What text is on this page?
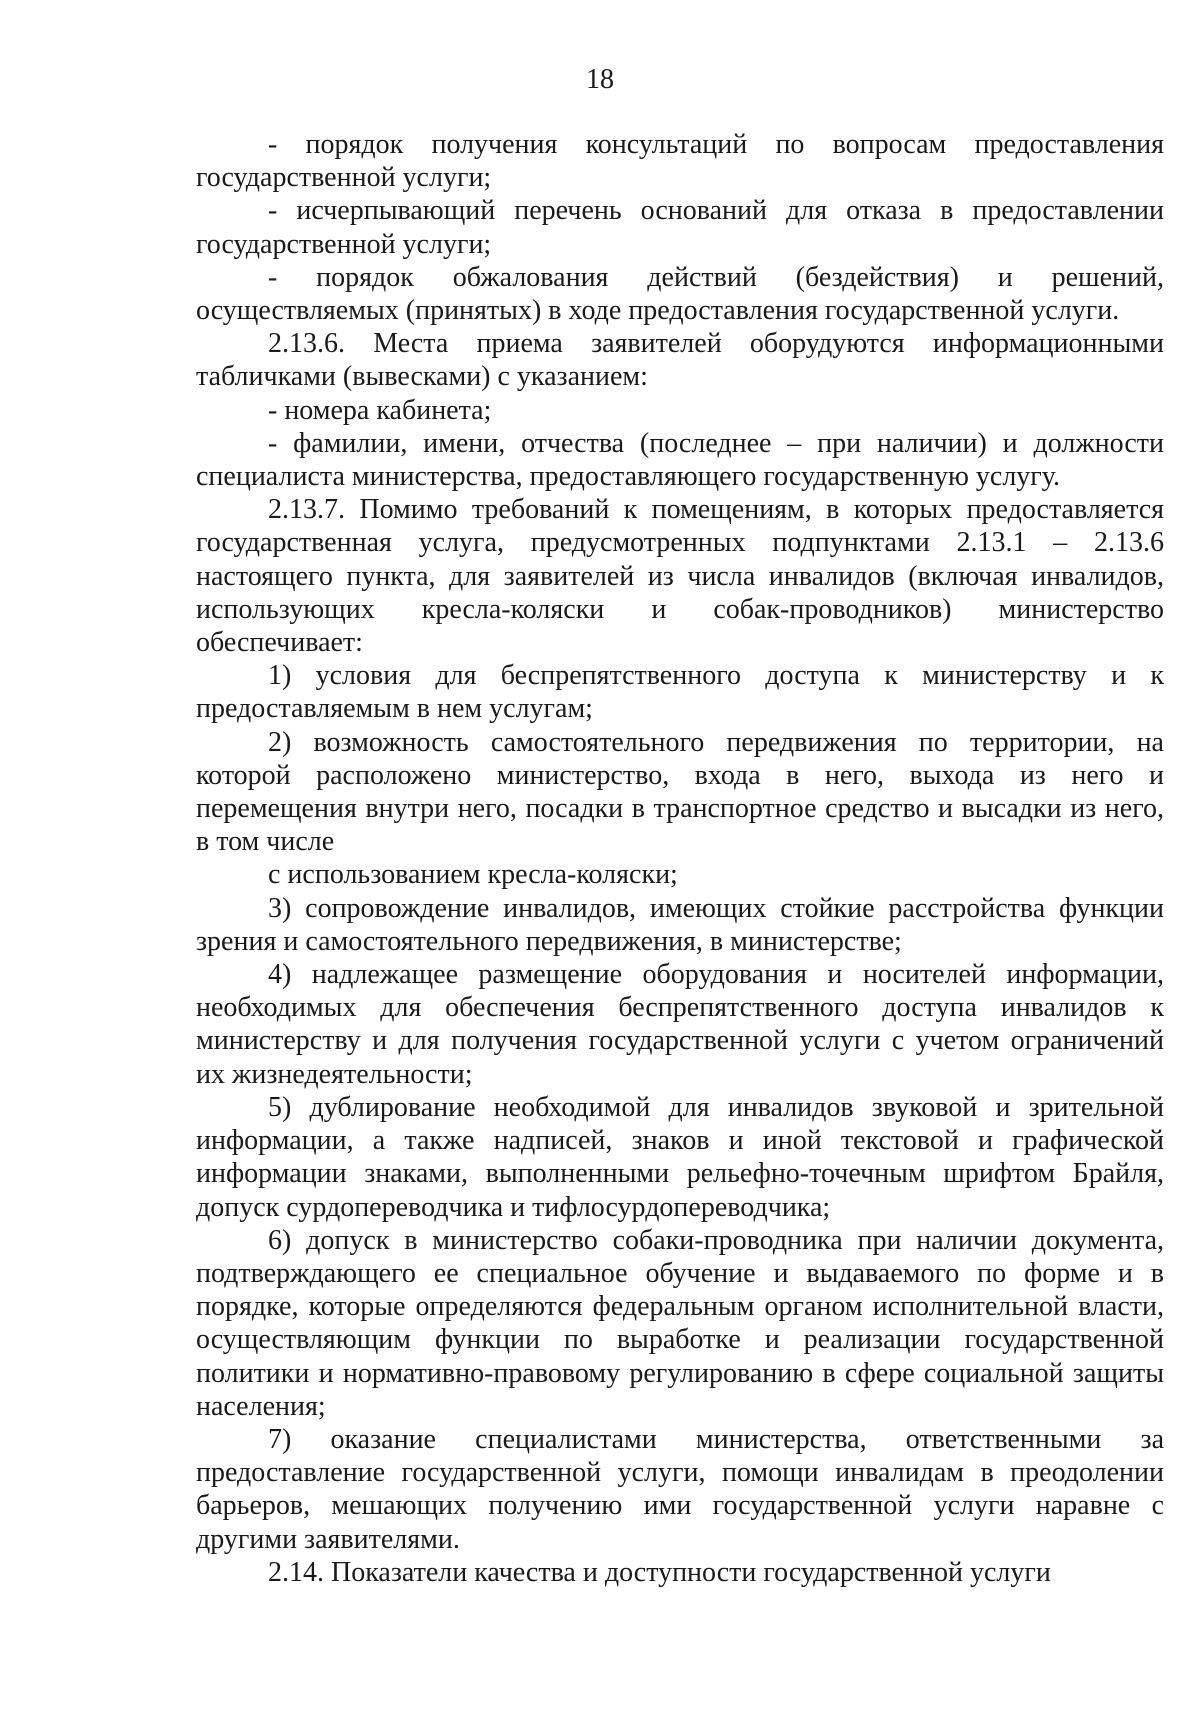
18

- порядок получения консультаций по вопросам предоставления государственной услуги;

- исчерпывающий перечень оснований для отказа в предоставлении государственной услуги;

- порядок обжалования действий (бездействия) и решений, осуществляемых (принятых) в ходе предоставления государственной услуги.

2.13.6. Места приема заявителей оборудуются информационными табличками (вывесками) с указанием:

- номера кабинета;

- фамилии, имени, отчества (последнее – при наличии) и должности специалиста министерства, предоставляющего государственную услугу.

2.13.7. Помимо требований к помещениям, в которых предоставляется государственная услуга, предусмотренных подпунктами 2.13.1 – 2.13.6 настоящего пункта, для заявителей из числа инвалидов (включая инвалидов, использующих кресла-коляски и собак-проводников) министерство обеспечивает:

1) условия для беспрепятственного доступа к министерству и к предоставляемым в нем услугам;

2) возможность самостоятельного передвижения по территории, на которой расположено министерство, входа в него, выхода из него и перемещения внутри него, посадки в транспортное средство и высадки из него, в том числе

с использованием кресла-коляски;

3) сопровождение инвалидов, имеющих стойкие расстройства функции зрения и самостоятельного передвижения, в министерстве;

4) надлежащее размещение оборудования и носителей информации, необходимых для обеспечения беспрепятственного доступа инвалидов к министерству и для получения государственной услуги с учетом ограничений их жизнедеятельности;

5) дублирование необходимой для инвалидов звуковой и зрительной информации, а также надписей, знаков и иной текстовой и графической информации знаками, выполненными рельефно-точечным шрифтом Брайля, допуск сурдопереводчика и тифлосурдопереводчика;

6) допуск в министерство собаки-проводника при наличии документа, подтверждающего ее специальное обучение и выдаваемого по форме и в порядке, которые определяются федеральным органом исполнительной власти, осуществляющим функции по выработке и реализации государственной политики и нормативно-правовому регулированию в сфере социальной защиты населения;

7) оказание специалистами министерства, ответственными за предоставление государственной услуги, помощи инвалидам в преодолении барьеров, мешающих получению ими государственной услуги наравне с другими заявителями.

2.14. Показатели качества и доступности государственной услуги
